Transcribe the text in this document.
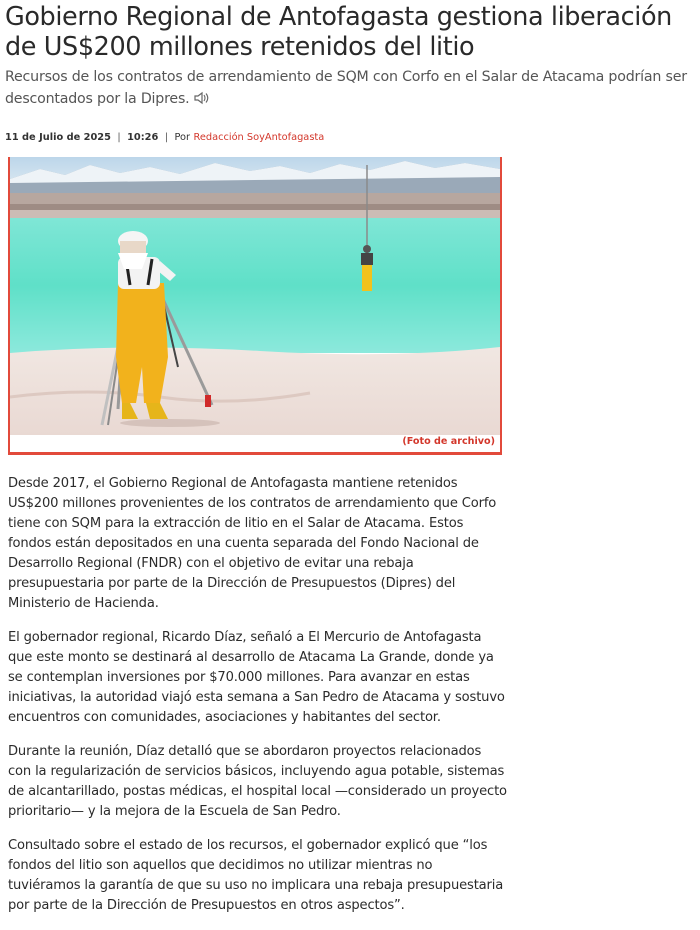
Gobierno Regional de Antofagasta gestiona liberación de US$200 millones retenidos del litio
Recursos de los contratos de arrendamiento de SQM con Corfo en el Salar de Atacama podrían ser descontados por la Dipres.
11 de Julio de 2025 | 10:26 | Por Redacción SoyAntofagasta
(Foto de archivo)

Desde 2017, el Gobierno Regional de Antofagasta mantiene retenidos US$200 millones provenientes de los contratos de arrendamiento que Corfo tiene con SQM para la extracción de litio en el Salar de Atacama. Estos fondos están depositados en una cuenta separada del Fondo Nacional de Desarrollo Regional (FNDR) con el objetivo de evitar una rebaja presupuestaria por parte de la Dirección de Presupuestos (Dipres) del Ministerio de Hacienda.

El gobernador regional, Ricardo Díaz, señaló a El Mercurio de Antofagasta que este monto se destinará al desarrollo de Atacama La Grande, donde ya se contemplan inversiones por $70.000 millones. Para avanzar en estas iniciativas, la autoridad viajó esta semana a San Pedro de Atacama y sostuvo encuentros con comunidades, asociaciones y habitantes del sector.

Durante la reunión, Díaz detalló que se abordaron proyectos relacionados con la regularización de servicios básicos, incluyendo agua potable, sistemas de alcantarillado, postas médicas, el hospital local —considerado un proyecto prioritario— y la mejora de la Escuela de San Pedro.

Consultado sobre el estado de los recursos, el gobernador explicó que “los fondos del litio son aquellos que decidimos no utilizar mientras no tuviéramos la garantía de que su uso no implicara una rebaja presupuestaria por parte de la Dirección de Presupuestos en otros aspectos”.
